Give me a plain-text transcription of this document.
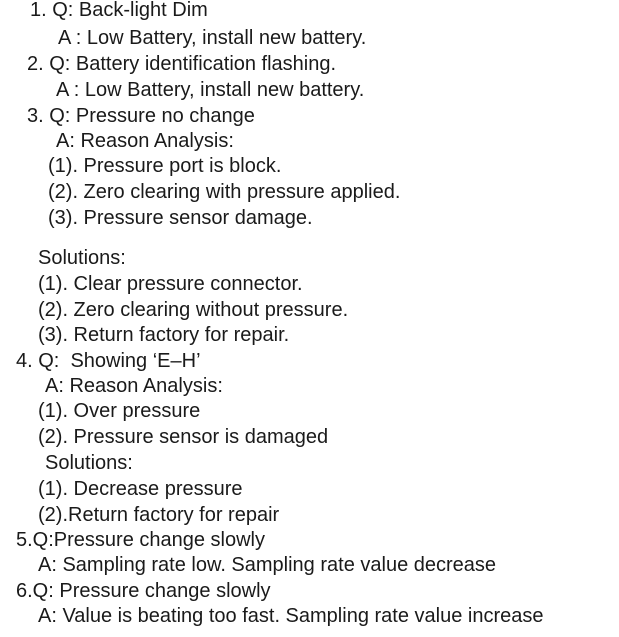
1. Q: Back-light Dim
A : Low Battery, install new battery.
2. Q: Battery identification flashing.
A : Low Battery, install new battery.
3. Q: Pressure no change
A: Reason Analysis:
(1). Pressure port is block.
(2). Zero clearing with pressure applied.
(3). Pressure sensor damage.
Solutions:
(1). Clear pressure connector.
(2). Zero clearing without pressure.
(3). Return factory for repair.
4. Q:  Showing ‘E–H’
A: Reason Analysis:
(1). Over pressure
(2). Pressure sensor is damaged
Solutions:
(1). Decrease pressure
(2).Return factory for repair
5.Q:Pressure change slowly
A: Sampling rate low. Sampling rate value decrease
6.Q: Pressure change slowly
A: Value is beating too fast. Sampling rate value increase
